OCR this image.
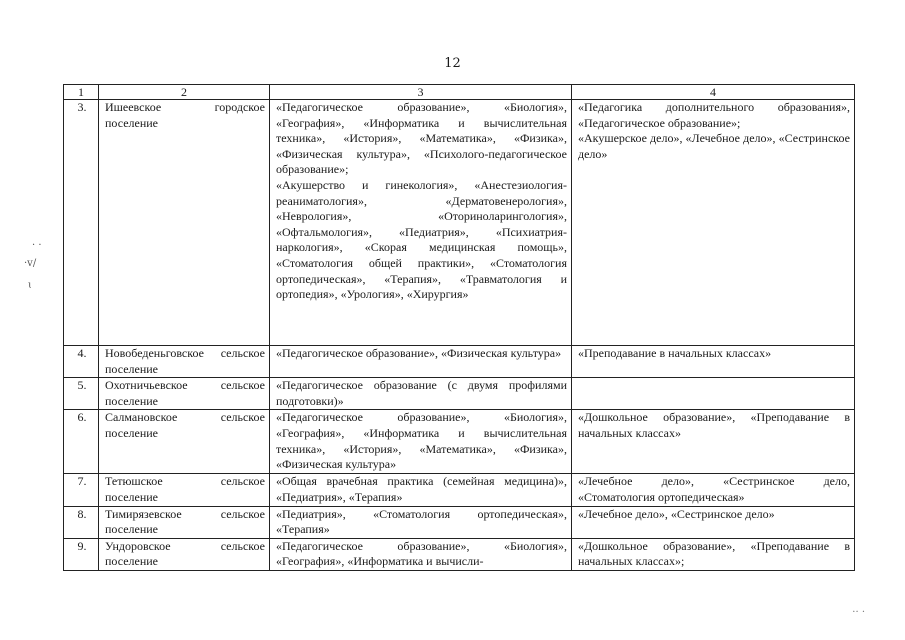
12
1	2	3	4
3.	Ишеевское городское поселение	«Педагогическое образование», «Биология», «География», «Информатика и вычислительная техника», «История», «Математика», «Физика», «Физическая культура», «Психолого-педагогическое образование»;
«Акушерство и гинекология», «Анестезиология-реаниматология», «Дерматовенерология», «Неврология», «Оториноларингология», «Офтальмология», «Педиатрия», «Психиатрия-наркология», «Скорая медицинская помощь», «Стоматология общей практики», «Стоматология ортопедическая», «Терапия», «Травматология и ортопедия», «Урология», «Хирургия»	«Педагогика дополнительного образования», «Педагогическое образование»;
«Акушерское дело», «Лечебное дело», «Сестринское дело»

4.	Новобеденьговское сельское поселение	«Педагогическое образование», «Физическая культура»	«Преподавание в начальных классах»

5.	Охотничьевское сельское поселение	«Педагогическое образование (с двумя профилями подготовки)»	

6.	Салмановское сельское поселение	«Педагогическое образование», «Биология», «География», «Информатика и вычислительная техника», «История», «Математика», «Физика», «Физическая культура»	«Дошкольное образование», «Преподавание в начальных классах»

7.	Тетюшское сельское поселение	«Общая врачебная практика (семейная медицина)», «Педиатрия», «Терапия»	«Лечебное дело», «Сестринское дело, «Стоматология ортопедическая»

8.	Тимирязевское сельское поселение	«Педиатрия», «Стоматология ортопедическая», «Терапия»	«Лечебное дело», «Сестринское дело»

9.	Ундоровское сельское поселение	«Педагогическое образование», «Биология», «География», «Информатика и вычисли-	«Дошкольное образование», «Преподавание в начальных классах»;
· ·
·ⅴ/
ɩ
·· ·
